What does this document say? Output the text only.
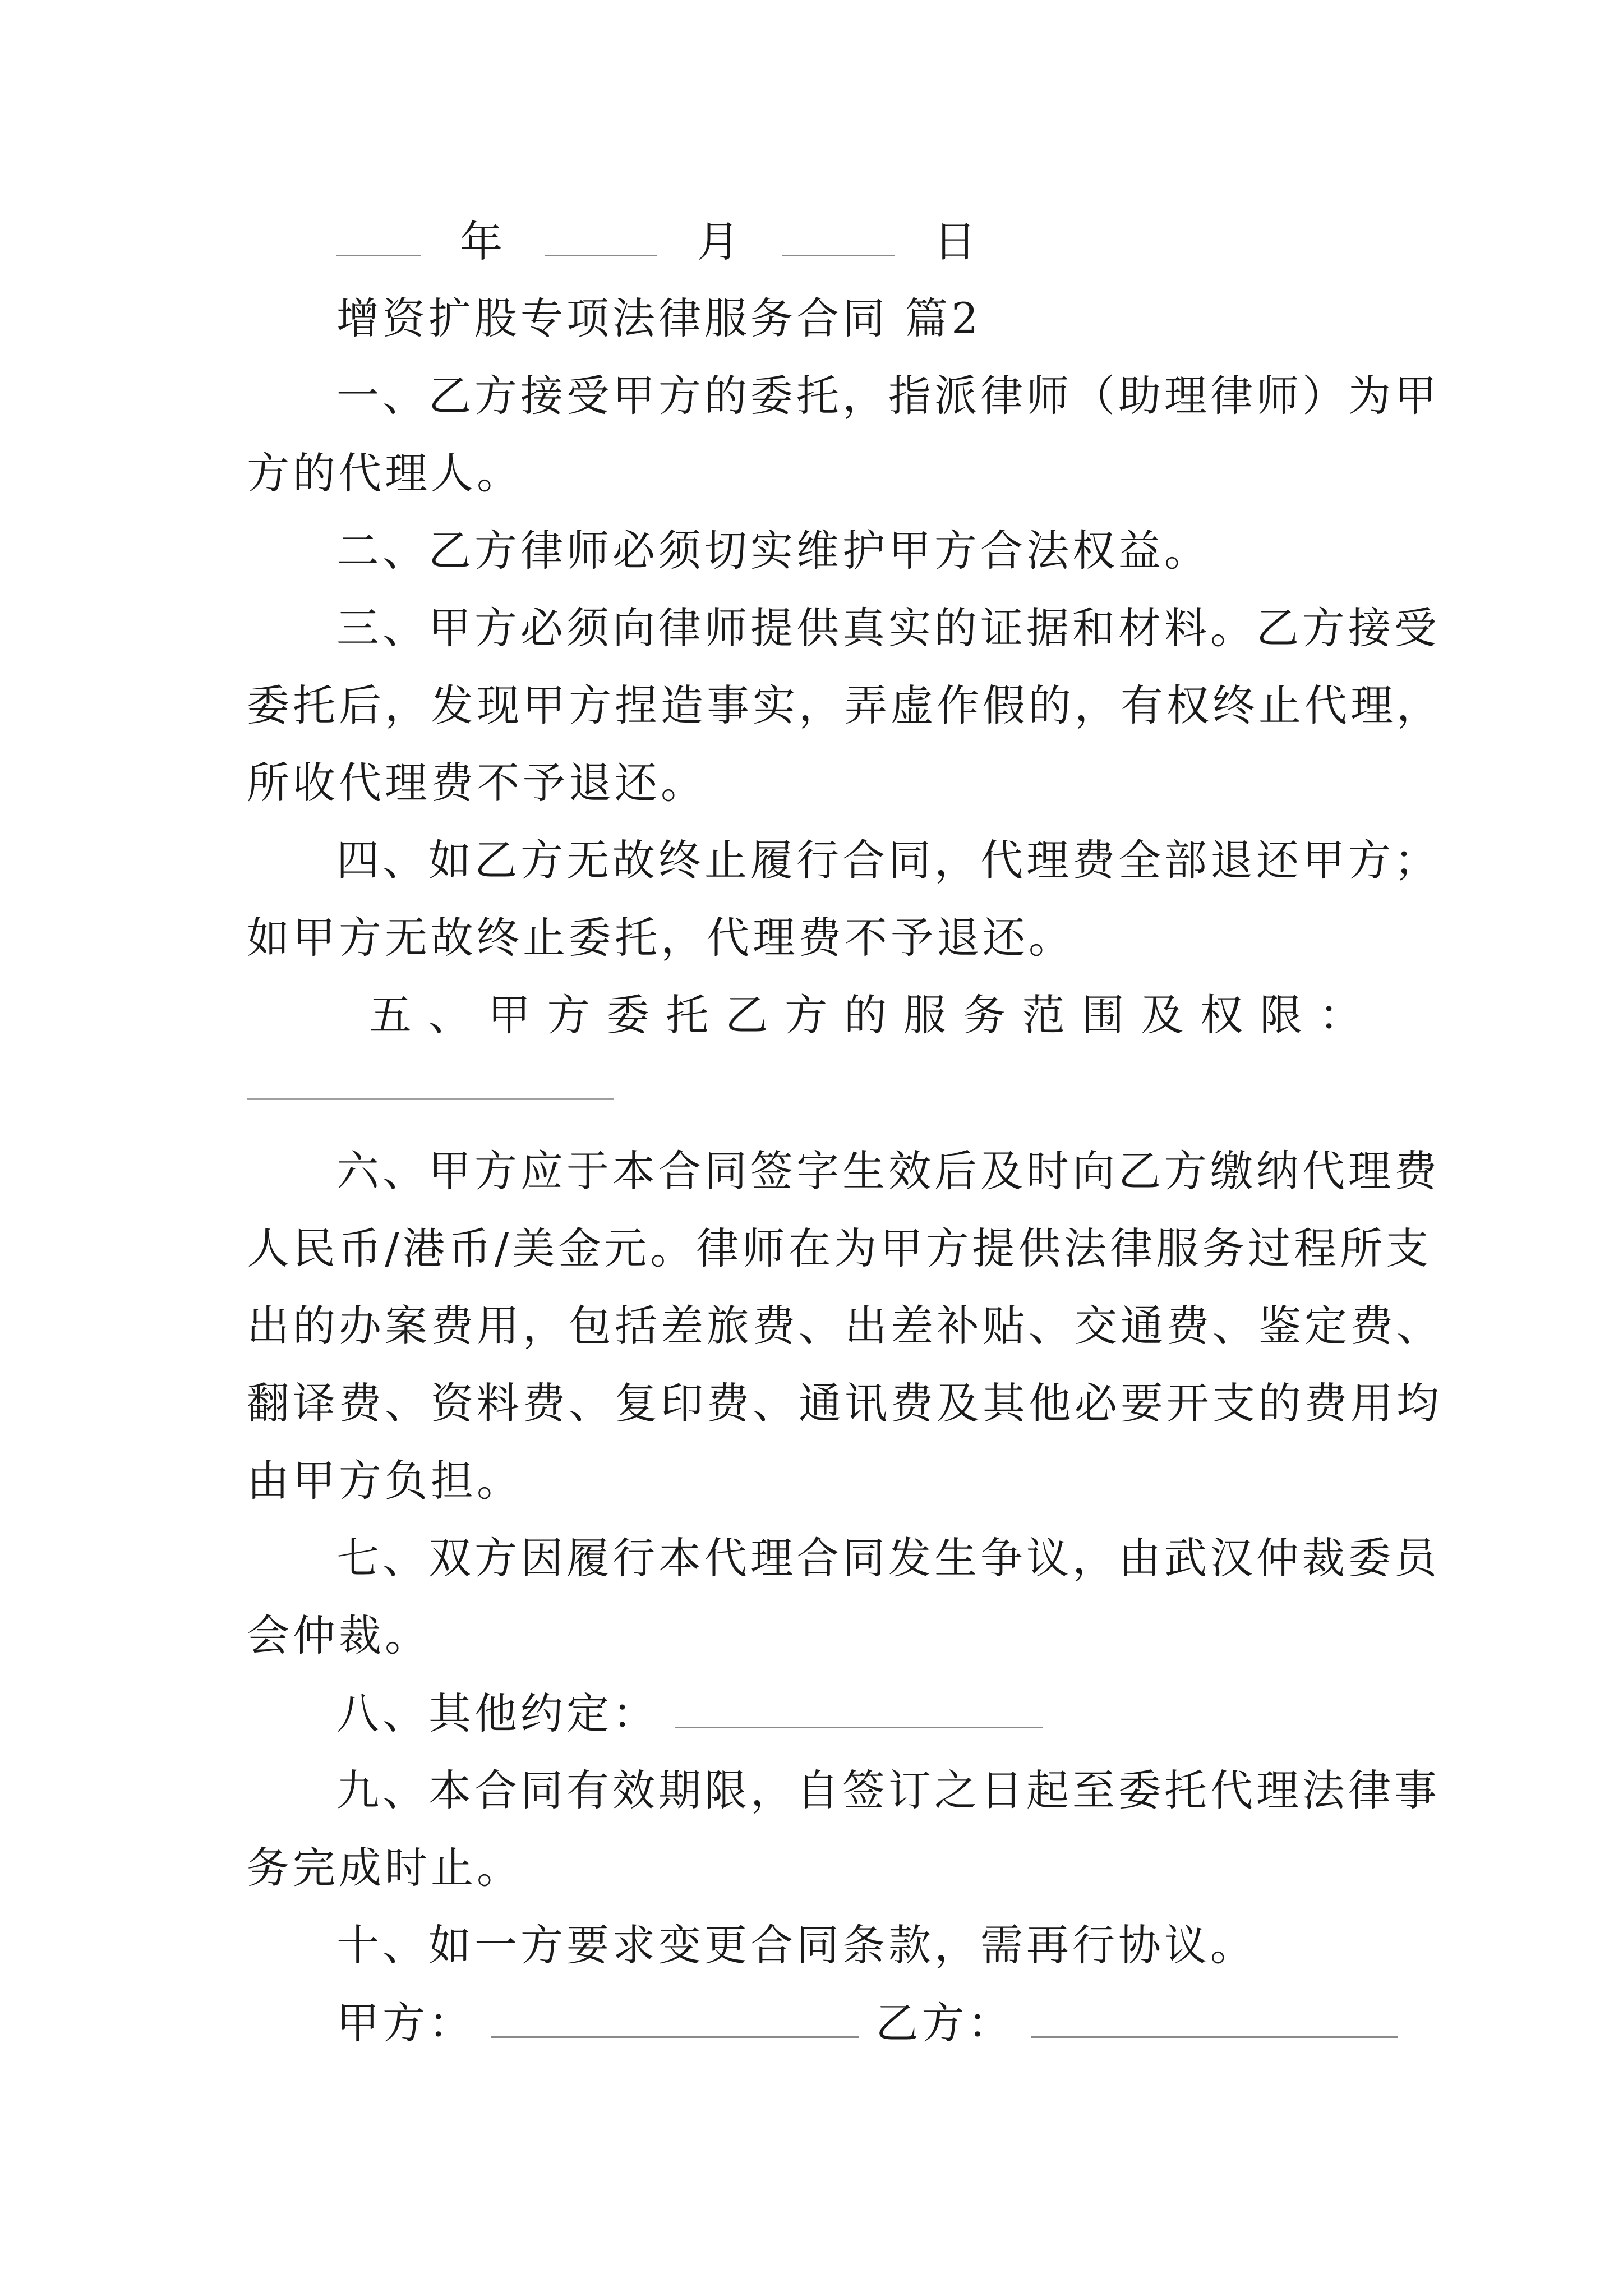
年	月	日
增资扩股专项法律服务合同 篇2
一、乙方接受甲方的委托，指派律师（助理律师）为甲
方的代理人。
二、乙方律师必须切实维护甲方合法权益。
三、甲方必须向律师提供真实的证据和材料。乙方接受
委托后，发现甲方捏造事实，弄虚作假的，有权终止代理，
所收代理费不予退还。
四、如乙方无故终止履行合同，代理费全部退还甲方；
如甲方无故终止委托，代理费不予退还。
五 、 甲 方 委 托 乙 方 的 服 务 范 围 及 权 限 ：
六、甲方应于本合同签字生效后及时向乙方缴纳代理费
人民币/港币/美金元。律师在为甲方提供法律服务过程所支
出的办案费用，包括差旅费、出差补贴、交通费、鉴定费、
翻译费、资料费、复印费、通讯费及其他必要开支的费用均
由甲方负担。
七、双方因履行本代理合同发生争议，由武汉仲裁委员
会仲裁。
八、其他约定：
九、本合同有效期限，自签订之日起至委托代理法律事
务完成时止。
十、如一方要求变更合同条款，需再行协议。
甲方：	乙方：
